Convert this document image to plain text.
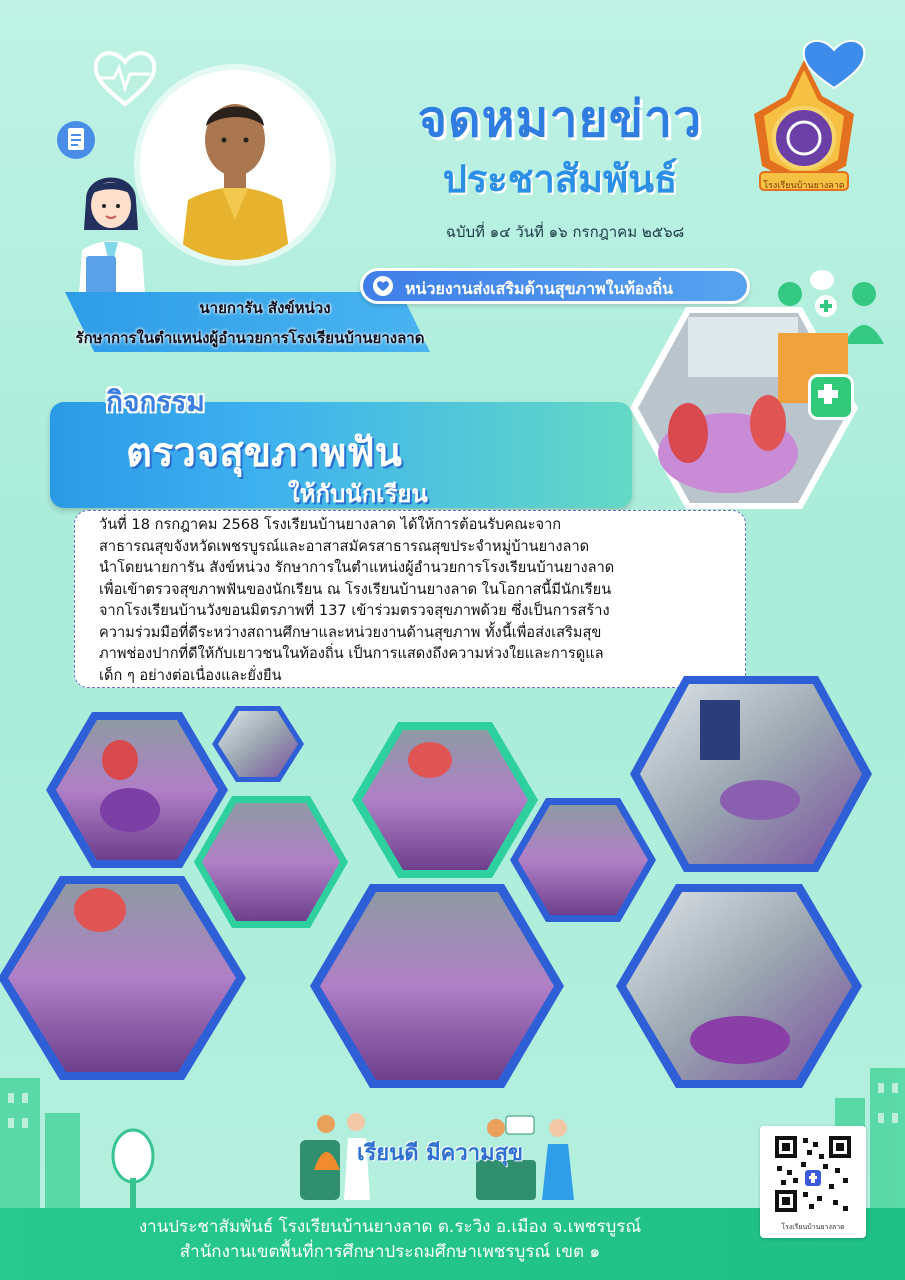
นายการัน สังข์หน่วง
รักษาการในตำแหน่งผู้อำนวยการโรงเรียนบ้านยางลาด
จดหมายข่าว
ประชาสัมพันธ์
ฉบับที่ ๑๔ วันที่ ๑๖ กรกฎาคม ๒๕๖๘
โรงเรียนบ้านยางลาด
หน่วยงานส่งเสริมด้านสุขภาพในท้องถิ่น
กิจกรรม
ตรวจสุขภาพฟัน
ให้กับนักเรียน

วันที่ 18 กรกฎาคม 2568 โรงเรียนบ้านยางลาด ได้ให้การต้อนรับคณะจาก

สาธารณสุขจังหวัดเพชรบูรณ์และอาสาสมัครสาธารณสุขประจำหมู่บ้านยางลาด

นำโดยนายการัน สังข์หน่วง รักษาการในตำแหน่งผู้อำนวยการโรงเรียนบ้านยางลาด

เพื่อเข้าตรวจสุขภาพฟันของนักเรียน ณ โรงเรียนบ้านยางลาด ในโอกาสนี้มีนักเรียน

จากโรงเรียนบ้านวังขอนมิตรภาพที่ 137 เข้าร่วมตรวจสุขภาพด้วย ซึ่งเป็นการสร้าง

ความร่วมมือที่ดีระหว่างสถานศึกษาและหน่วยงานด้านสุขภาพ ทั้งนี้เพื่อส่งเสริมสุข

ภาพช่องปากที่ดีให้กับเยาวชนในท้องถิ่น เป็นการแสดงถึงความห่วงใยและการดูแล

เด็ก ๆ อย่างต่อเนื่องและยั่งยืน

เรียนดี มีความสุข
งานประชาสัมพันธ์ โรงเรียนบ้านยางลาด ต.ระวิง อ.เมือง จ.เพชรบูรณ์
สำนักงานเขตพื้นที่การศึกษาประถมศึกษาเพชรบูรณ์ เขต ๑
โรงเรียนบ้านยางลาด
